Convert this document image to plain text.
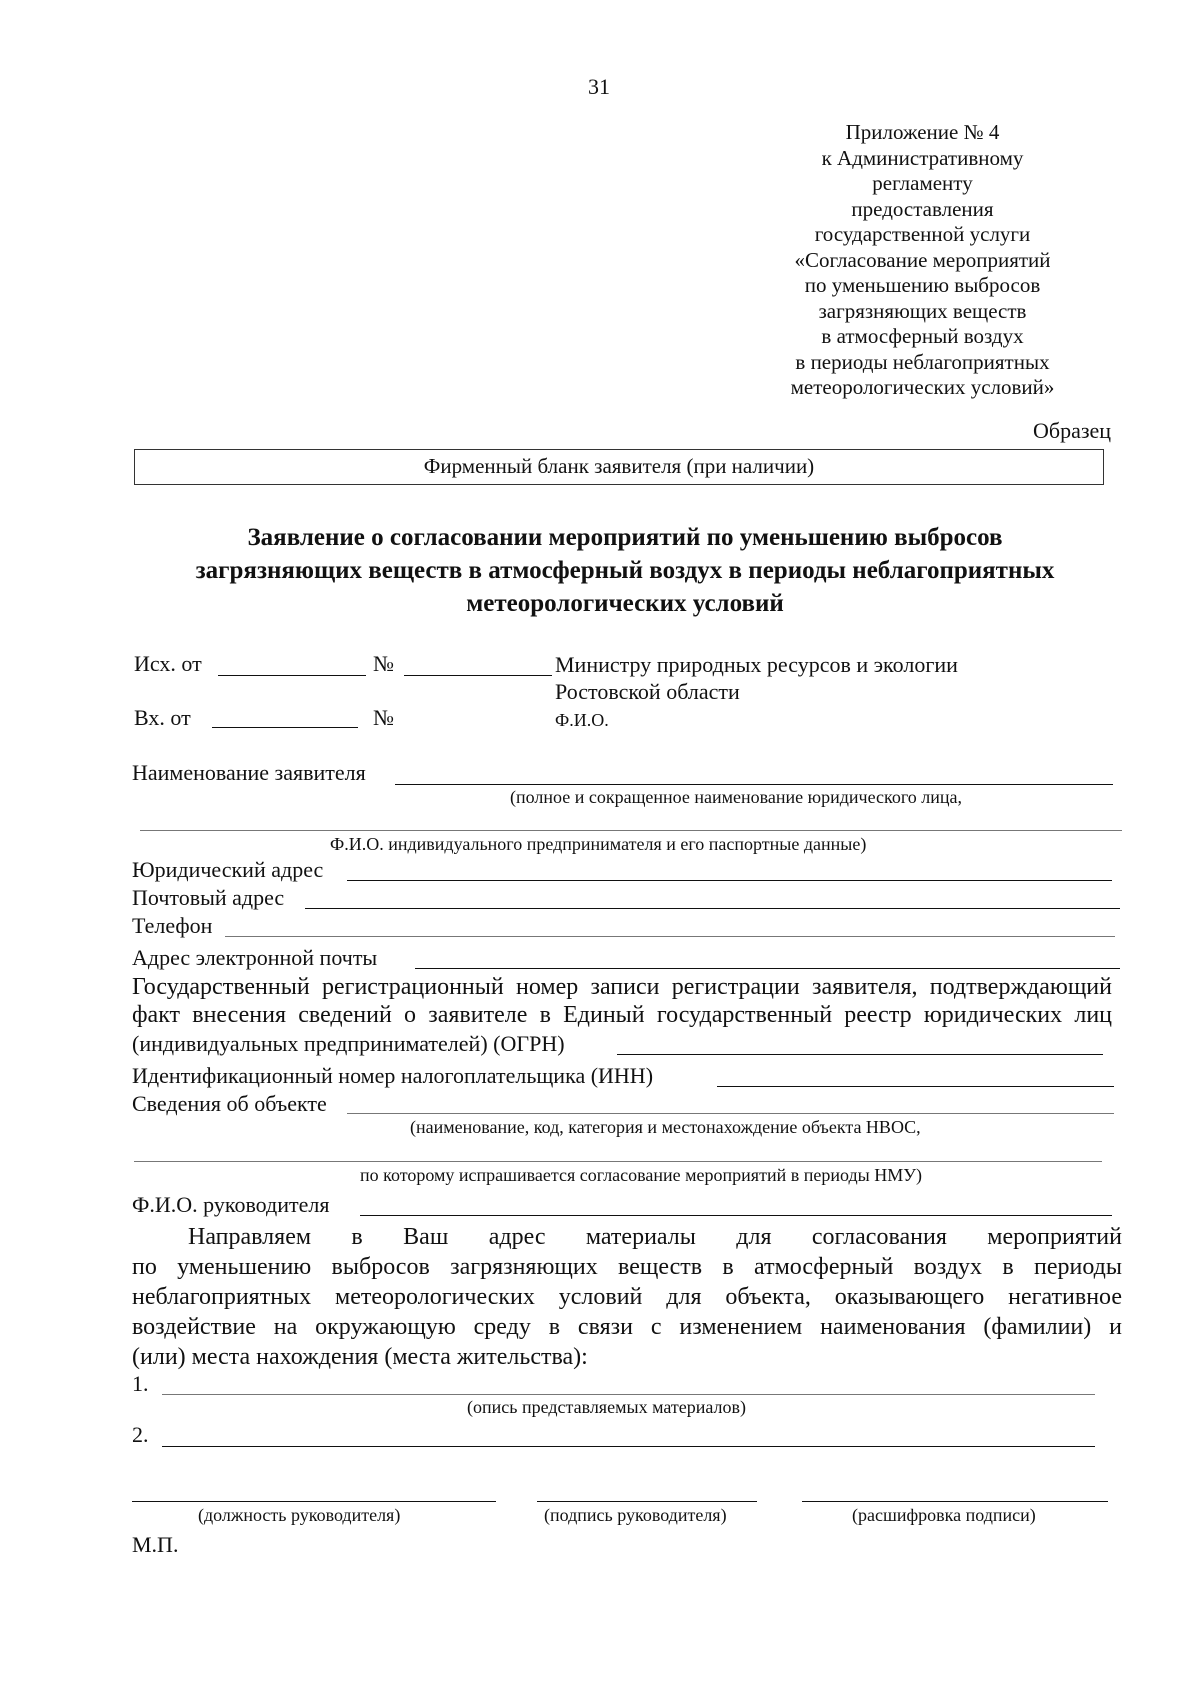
31
Приложение № 4
к Административному
регламенту
предоставления
государственной услуги
«Согласование мероприятий
по уменьшению выбросов
загрязняющих веществ
в атмосферный воздух
в периоды неблагоприятных
метеорологических условий»
Образец
Фирменный бланк заявителя (при наличии)
Заявление о согласовании мероприятий по уменьшению выбросов
загрязняющих веществ в атмосферный воздух в периоды неблагоприятных
метеорологических условий
Исх. от	№	Министру природных ресурсов и экологии
Ростовской области
Вх. от	№	Ф.И.О.
Наименование заявителя
(полное и сокращенное наименование юридического лица,
Ф.И.О. индивидуального предпринимателя и его паспортные данные)
Юридический адрес
Почтовый адрес
Телефон
Адрес электронной почты
Государственный регистрационный номер записи регистрации заявителя, подтверждающий
факт внесения сведений о заявителе в Единый государственный реестр юридических лиц
(индивидуальных предпринимателей) (ОГРН)
Идентификационный номер налогоплательщика (ИНН)
Сведения об объекте
(наименование, код, категория и местонахождение объекта НВОС,
по которому испрашивается согласование мероприятий в периоды НМУ)
Ф.И.О. руководителя
Направляем в Ваш адрес материалы для согласования мероприятий
по уменьшению выбросов загрязняющих веществ в атмосферный воздух в периоды
неблагоприятных метеорологических условий для объекта, оказывающего негативное
воздействие на окружающую среду в связи с изменением наименования (фамилии) и
(или) места нахождения (места жительства):
1.
(опись представляемых материалов)
2.
(должность руководителя)	(подпись руководителя)	(расшифровка подписи)
М.П.
